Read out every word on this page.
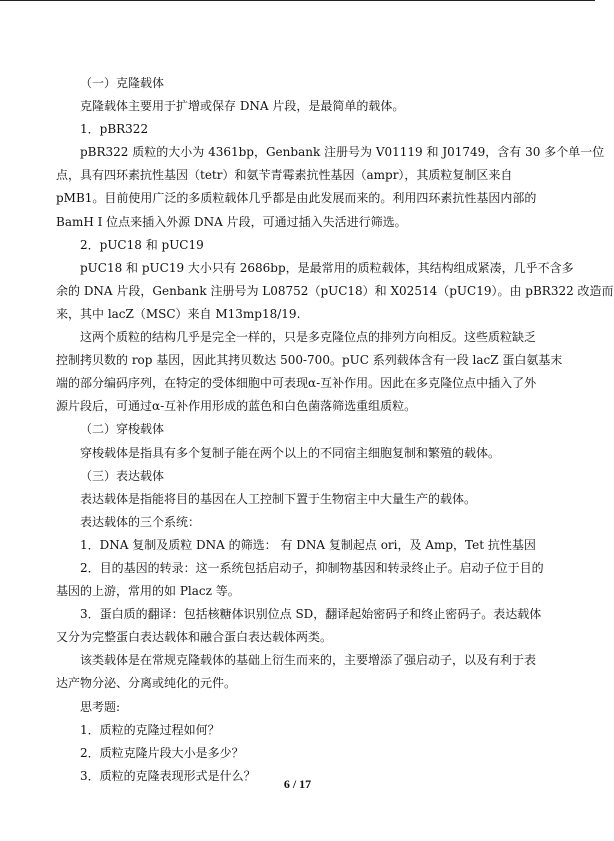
（一）克隆载体
克隆载体主要用于扩增或保存 DNA 片段，是最简单的载体。
1．pBR322
pBR322 质粒的大小为 4361bp，Genbank 注册号为 V01119 和 J01749，含有 30 多个单一位
点，具有四环素抗性基因（tetr）和氨苄青霉素抗性基因（ampr），其质粒复制区来自
pMB1。目前使用广泛的多质粒载体几乎都是由此发展而来的。利用四环素抗性基因内部的
BamH I 位点来插入外源 DNA 片段，可通过插入失活进行筛选。
2．pUC18 和 pUC19
pUC18 和 pUC19 大小只有 2686bp，是最常用的质粒载体，其结构组成紧凑，几乎不含多
余的 DNA 片段，Genbank 注册号为 L08752（pUC18）和 X02514（pUC19）。由 pBR322 改造而
来，其中 lacZ（MSC）来自 M13mp18/19.
这两个质粒的结构几乎是完全一样的，只是多克隆位点的排列方向相反。这些质粒缺乏
控制拷贝数的 rop 基因，因此其拷贝数达 500-700。pUC 系列载体含有一段 lacZ 蛋白氨基末
端的部分编码序列，在特定的受体细胞中可表现α-互补作用。因此在多克隆位点中插入了外
源片段后，可通过α-互补作用形成的蓝色和白色菌落筛选重组质粒。
（二）穿梭载体
穿梭载体是指具有多个复制子能在两个以上的不同宿主细胞复制和繁殖的载体。
（三）表达载体
表达载体是指能将目的基因在人工控制下置于生物宿主中大量生产的载体。
表达载体的三个系统：
1．DNA 复制及质粒 DNA 的筛选： 有 DNA 复制起点 ori，及 Amp，Tet 抗性基因
2．目的基因的转录：这一系统包括启动子，抑制物基因和转录终止子。启动子位于目的
基因的上游，常用的如 Placz 等。
3．蛋白质的翻译：包括核糖体识别位点 SD，翻译起始密码子和终止密码子。表达载体
又分为完整蛋白表达载体和融合蛋白表达载体两类。
该类载体是在常规克隆载体的基础上衍生而来的，主要增添了强启动子，以及有利于表
达产物分泌、分离或纯化的元件。
思考题:
1．质粒的克隆过程如何？
2．质粒克隆片段大小是多少？
3．质粒的克隆表现形式是什么？
6 / 17
